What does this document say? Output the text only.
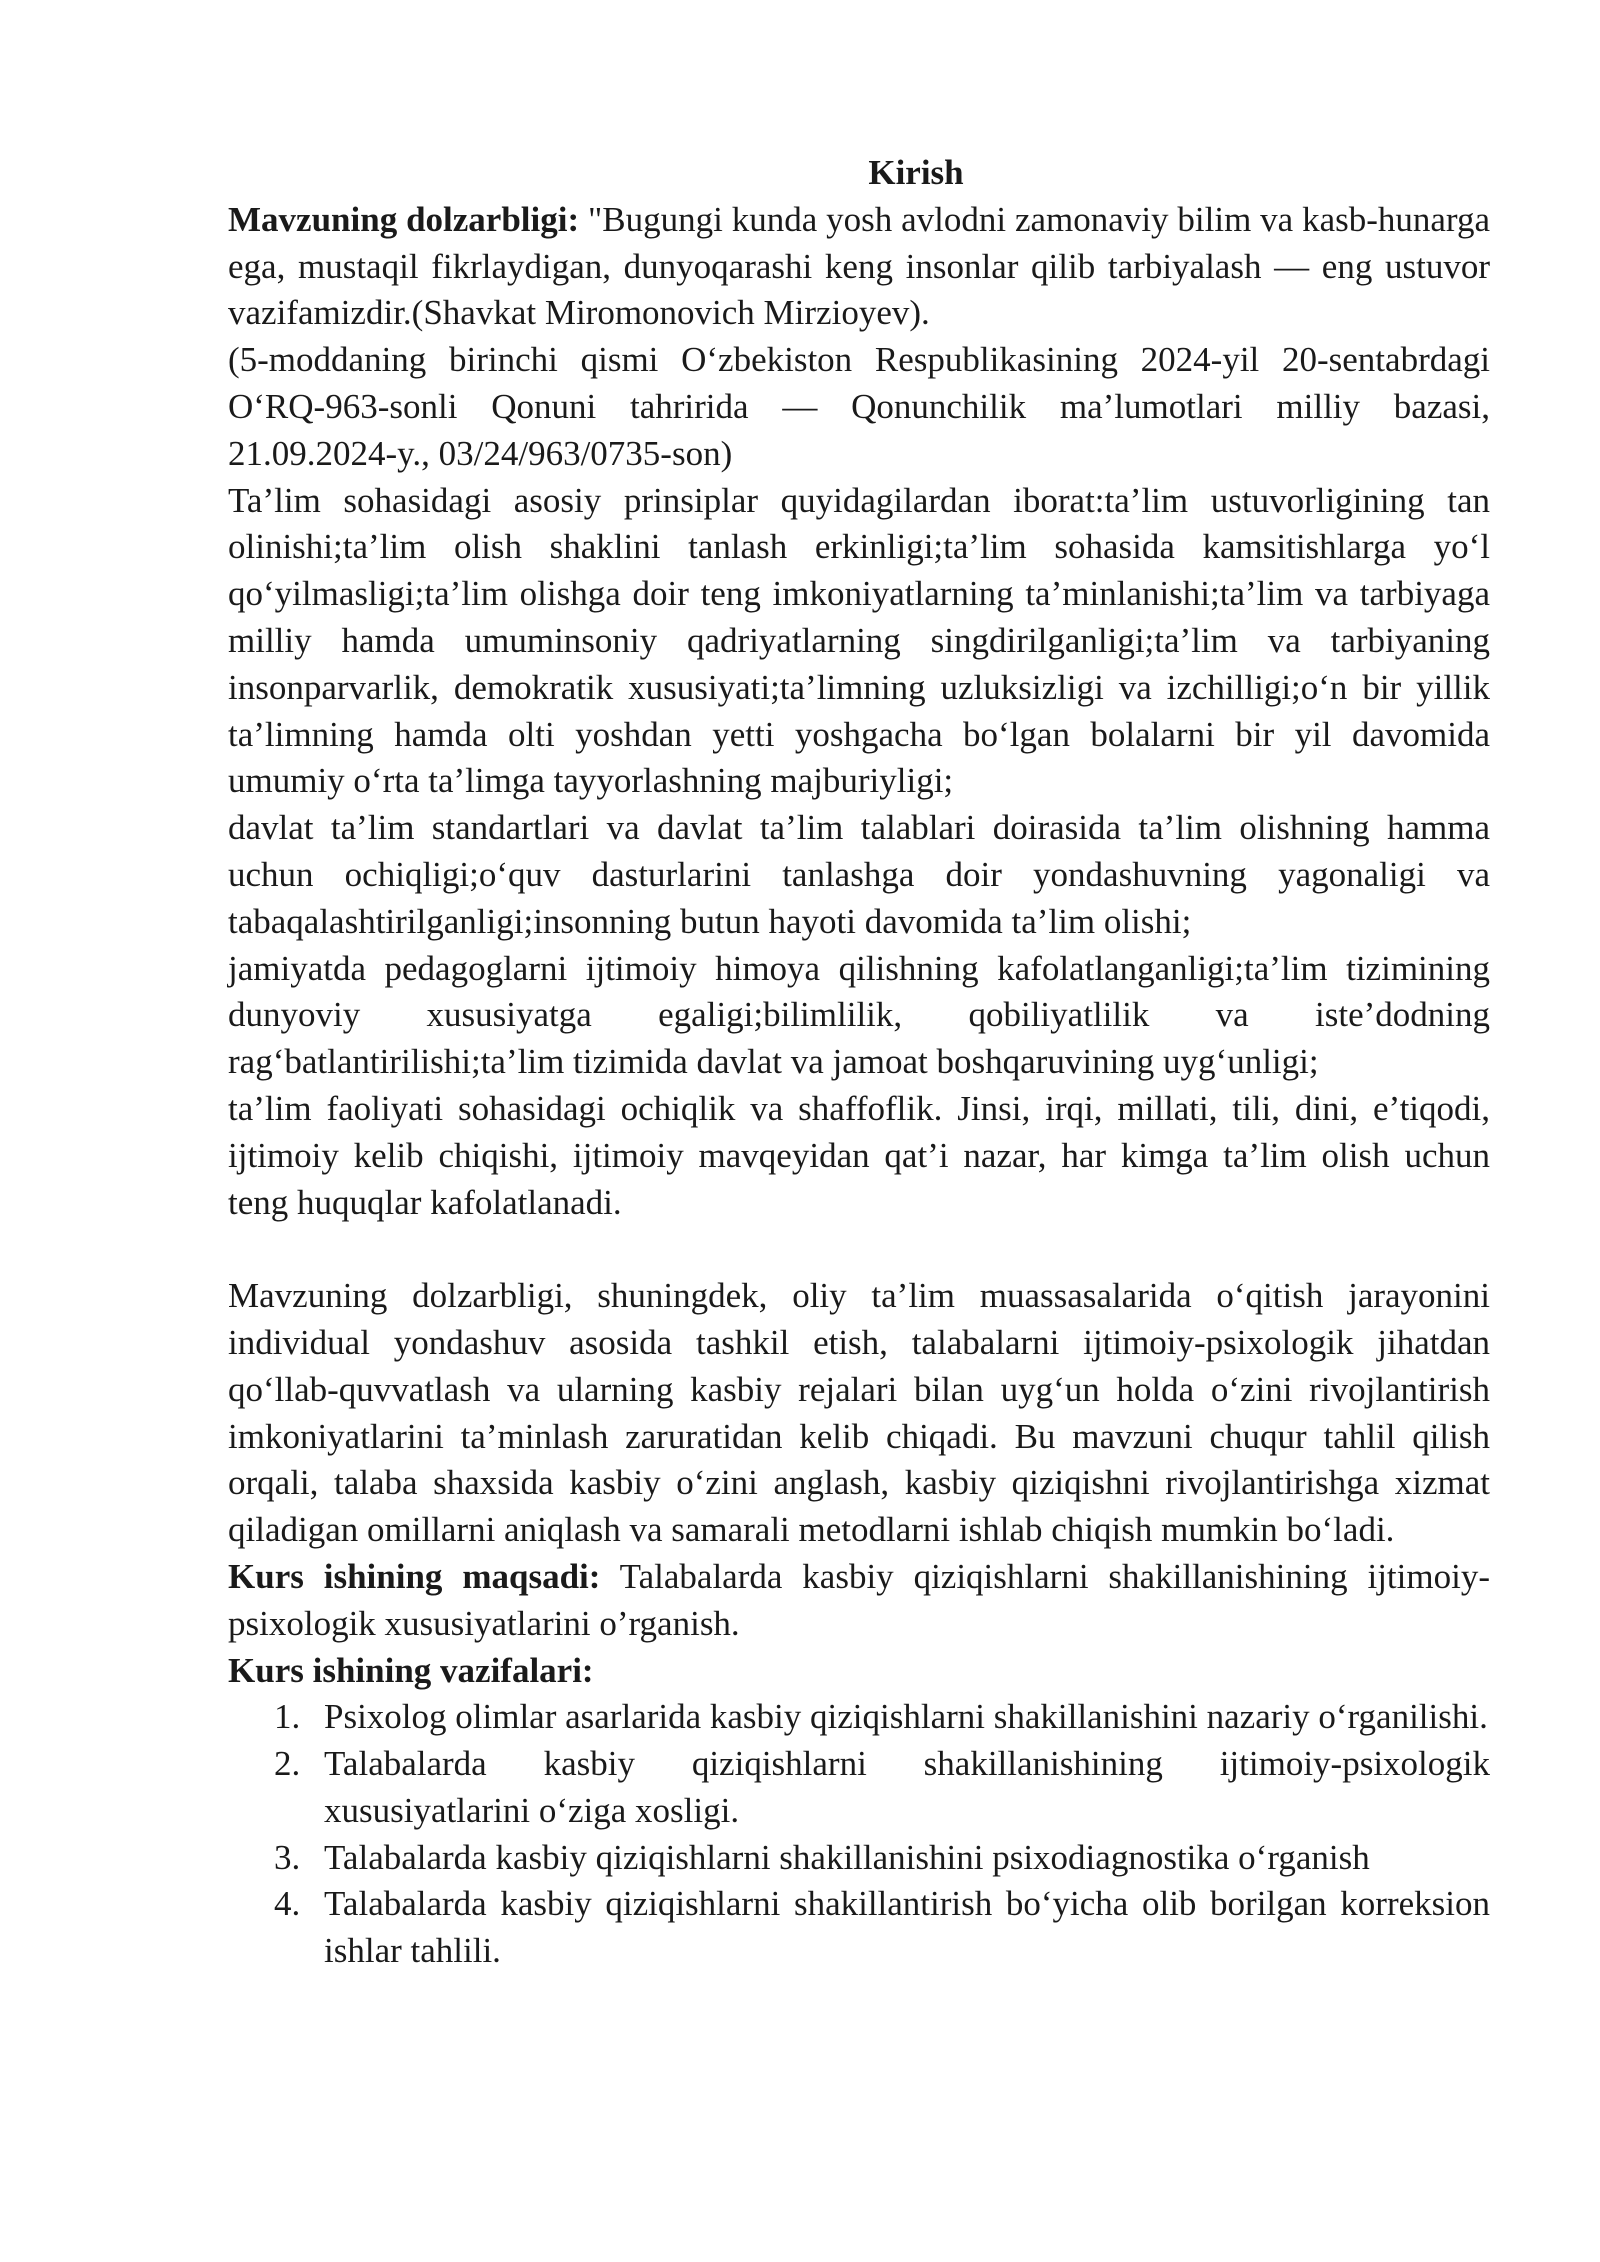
Kirish

Mavzuning dolzarbligi: "Bugungi kunda yosh avlodni zamonaviy bilim va kasb-hunarga ega, mustaqil fikrlaydigan, dunyoqarashi keng insonlar qilib tarbiyalash — eng ustuvor vazifamizdir.(Shavkat Miromonovich Mirzioyev).

(5-moddaning birinchi qismi O‘zbekiston Respublikasining 2024-yil 20-sentabrdagi O‘RQ-963-sonli Qonuni tahririda — Qonunchilik ma’lumotlari milliy bazasi, 21.09.2024-y., 03/24/963/0735-son)

Ta’lim sohasidagi asosiy prinsiplar quyidagilardan iborat:ta’lim ustuvorligining tan olinishi;ta’lim olish shaklini tanlash erkinligi;ta’lim sohasida kamsitishlarga yo‘l qo‘yilmasligi;ta’lim olishga doir teng imkoniyatlarning ta’minlanishi;ta’lim va tarbiyaga milliy hamda umuminsoniy qadriyatlarning singdirilganligi;ta’lim va tarbiyaning insonparvarlik, demokratik xususiyati;ta’limning uzluksizligi va izchilligi;o‘n bir yillik ta’limning hamda olti yoshdan yetti yoshgacha bo‘lgan bolalarni bir yil davomida umumiy o‘rta ta’limga tayyorlashning majburiyligi;

davlat ta’lim standartlari va davlat ta’lim talablari doirasida ta’lim olishning hamma uchun ochiqligi;o‘quv dasturlarini tanlashga doir yondashuvning yagonaligi va tabaqalashtirilganligi;insonning butun hayoti davomida ta’lim olishi;

jamiyatda pedagoglarni ijtimoiy himoya qilishning kafolatlanganligi;ta’lim tizimining dunyoviy xususiyatga egaligi;bilimlilik, qobiliyatlilik va iste’dodning rag‘batlantirilishi;ta’lim tizimida davlat va jamoat boshqaruvining uyg‘unligi;

ta’lim faoliyati sohasidagi ochiqlik va shaffoflik. Jinsi, irqi, millati, tili, dini, e’tiqodi, ijtimoiy kelib chiqishi, ijtimoiy mavqeyidan qat’i nazar, har kimga ta’lim olish uchun teng huquqlar kafolatlanadi.

Mavzuning dolzarbligi, shuningdek, oliy ta’lim muassasalarida o‘qitish jarayonini individual yondashuv asosida tashkil etish, talabalarni ijtimoiy-psixologik jihatdan qo‘llab-quvvatlash va ularning kasbiy rejalari bilan uyg‘un holda o‘zini rivojlantirish imkoniyatlarini ta’minlash zaruratidan kelib chiqadi. Bu mavzuni chuqur tahlil qilish orqali, talaba shaxsida kasbiy o‘zini anglash, kasbiy qiziqishni rivojlantirishga xizmat qiladigan omillarni aniqlash va samarali metodlarni ishlab chiqish mumkin bo‘ladi.

Kurs ishining maqsadi: Talabalarda kasbiy qiziqishlarni shakillanishining ijtimoiy-psixologik xususiyatlarini o’rganish.

Kurs ishining vazifalari:

1. Psixolog olimlar asarlarida kasbiy qiziqishlarni shakillanishini nazariy o‘rganilishi.
2. Talabalarda kasbiy qiziqishlarni shakillanishining ijtimoiy-psixologik xususiyatlarini o‘ziga xosligi.
3. Talabalarda kasbiy qiziqishlarni shakillanishini psixodiagnostika o‘rganish
4. Talabalarda kasbiy qiziqishlarni shakillantirish bo‘yicha olib borilgan korreksion ishlar tahlili.
